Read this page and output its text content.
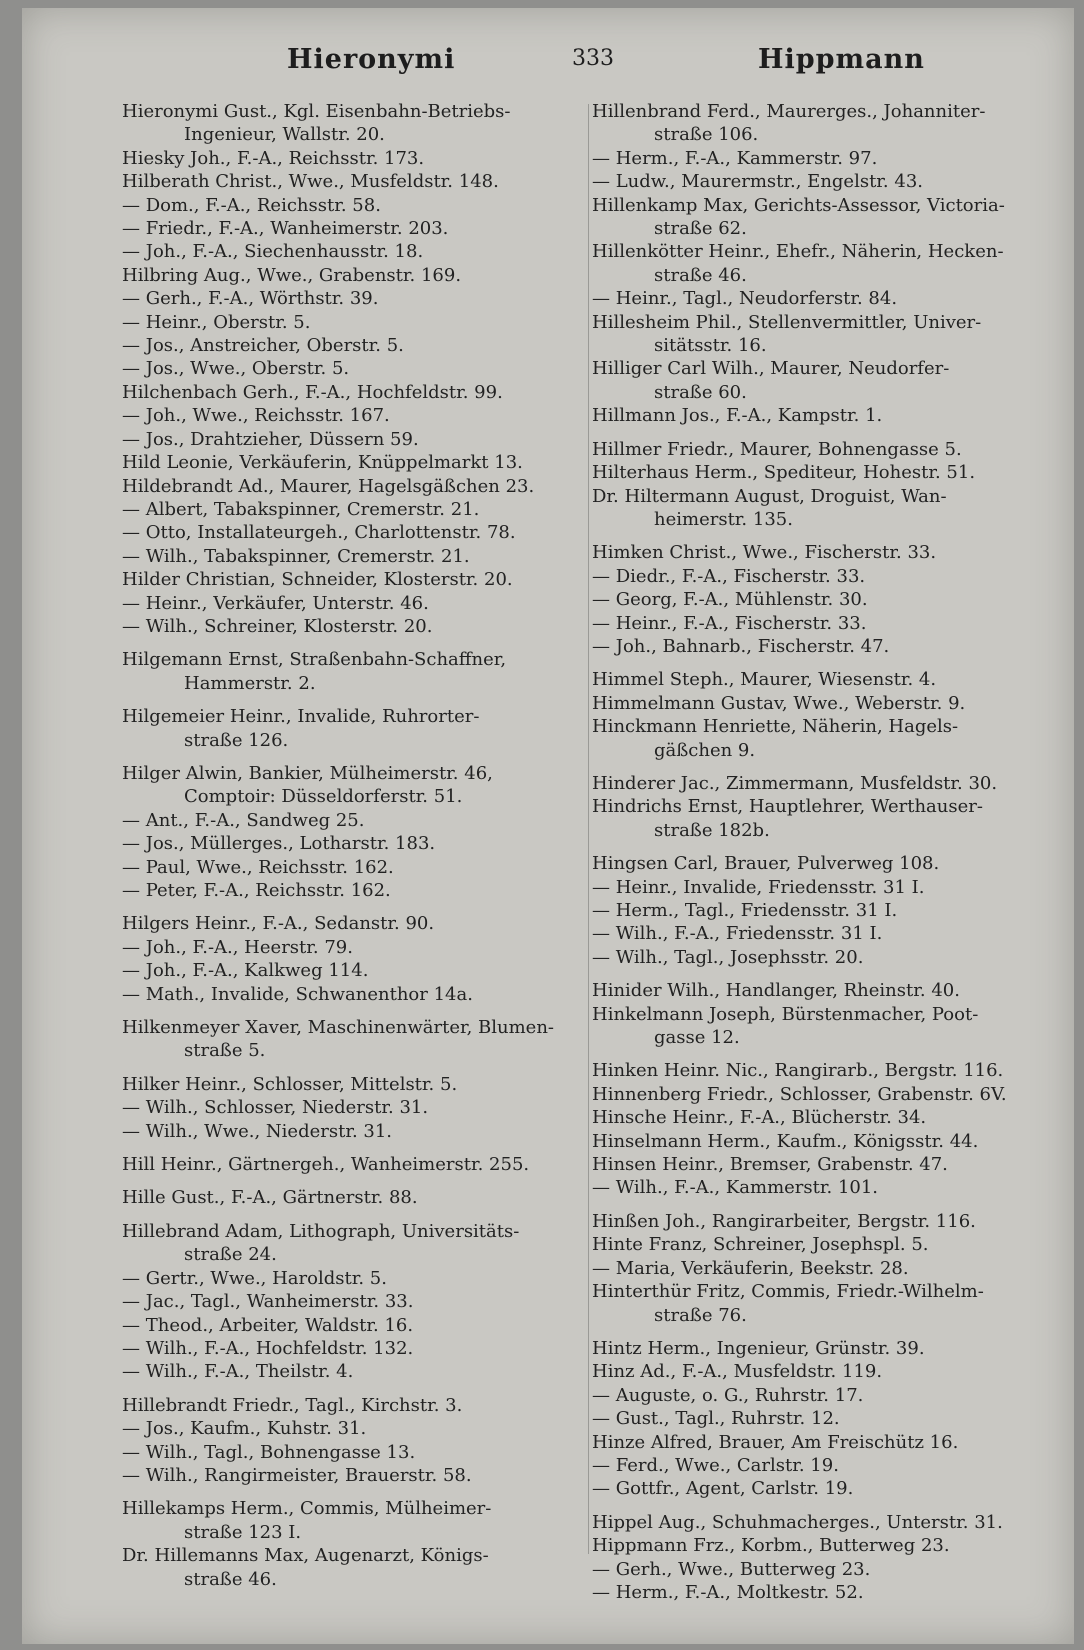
Hieronymi	333	Hippmann
Hieronymi Gust., Kgl. Eisenbahn-Betriebs-
Ingenieur, Wallstr. 20.
Hiesky Joh., F.-A., Reichsstr. 173.
Hilberath Christ., Wwe., Musfeldstr. 148.
— Dom., F.-A., Reichsstr. 58.
— Friedr., F.-A., Wanheimerstr. 203.
— Joh., F.-A., Siechenhausstr. 18.
Hilbring Aug., Wwe., Grabenstr. 169.
— Gerh., F.-A., Wörthstr. 39.
— Heinr., Oberstr. 5.
— Jos., Anstreicher, Oberstr. 5.
— Jos., Wwe., Oberstr. 5.
Hilchenbach Gerh., F.-A., Hochfeldstr. 99.
— Joh., Wwe., Reichsstr. 167.
— Jos., Drahtzieher, Düssern 59.
Hild Leonie, Verkäuferin, Knüppelmarkt 13.
Hildebrandt Ad., Maurer, Hagelsgäßchen 23.
— Albert, Tabakspinner, Cremerstr. 21.
— Otto, Installateurgeh., Charlottenstr. 78.
— Wilh., Tabakspinner, Cremerstr. 21.
Hilder Christian, Schneider, Klosterstr. 20.
— Heinr., Verkäufer, Unterstr. 46.
— Wilh., Schreiner, Klosterstr. 20.
Hilgemann Ernst, Straßenbahn-Schaffner,
Hammerstr. 2.
Hilgemeier Heinr., Invalide, Ruhrorter-
straße 126.
Hilger Alwin, Bankier, Mülheimerstr. 46,
Comptoir: Düsseldorferstr. 51.
— Ant., F.-A., Sandweg 25.
— Jos., Müllerges., Lotharstr. 183.
— Paul, Wwe., Reichsstr. 162.
— Peter, F.-A., Reichsstr. 162.
Hilgers Heinr., F.-A., Sedanstr. 90.
— Joh., F.-A., Heerstr. 79.
— Joh., F.-A., Kalkweg 114.
— Math., Invalide, Schwanenthor 14a.
Hilkenmeyer Xaver, Maschinenwärter, Blumen-
straße 5.
Hilker Heinr., Schlosser, Mittelstr. 5.
— Wilh., Schlosser, Niederstr. 31.
— Wilh., Wwe., Niederstr. 31.
Hill Heinr., Gärtnergeh., Wanheimerstr. 255.
Hille Gust., F.-A., Gärtnerstr. 88.
Hillebrand Adam, Lithograph, Universitäts-
straße 24.
— Gertr., Wwe., Haroldstr. 5.
— Jac., Tagl., Wanheimerstr. 33.
— Theod., Arbeiter, Waldstr. 16.
— Wilh., F.-A., Hochfeldstr. 132.
— Wilh., F.-A., Theilstr. 4.
Hillebrandt Friedr., Tagl., Kirchstr. 3.
— Jos., Kaufm., Kuhstr. 31.
— Wilh., Tagl., Bohnengasse 13.
— Wilh., Rangirmeister, Brauerstr. 58.
Hillekamps Herm., Commis, Mülheimer-
straße 123 I.
Dr. Hillemanns Max, Augenarzt, Königs-
straße 46.
Hillenbrand Ferd., Maurerges., Johanniter-
straße 106.
— Herm., F.-A., Kammerstr. 97.
— Ludw., Maurermstr., Engelstr. 43.
Hillenkamp Max, Gerichts-Assessor, Victoria-
straße 62.
Hillenkötter Heinr., Ehefr., Näherin, Hecken-
straße 46.
— Heinr., Tagl., Neudorferstr. 84.
Hillesheim Phil., Stellenvermittler, Univer-
sitätsstr. 16.
Hilliger Carl Wilh., Maurer, Neudorfer-
straße 60.
Hillmann Jos., F.-A., Kampstr. 1.
Hillmer Friedr., Maurer, Bohnengasse 5.
Hilterhaus Herm., Spediteur, Hohestr. 51.
Dr. Hiltermann August, Droguist, Wan-
heimerstr. 135.
Himken Christ., Wwe., Fischerstr. 33.
— Diedr., F.-A., Fischerstr. 33.
— Georg, F.-A., Mühlenstr. 30.
— Heinr., F.-A., Fischerstr. 33.
— Joh., Bahnarb., Fischerstr. 47.
Himmel Steph., Maurer, Wiesenstr. 4.
Himmelmann Gustav, Wwe., Weberstr. 9.
Hinckmann Henriette, Näherin, Hagels-
gäßchen 9.
Hinderer Jac., Zimmermann, Musfeldstr. 30.
Hindrichs Ernst, Hauptlehrer, Werthauser-
straße 182b.
Hingsen Carl, Brauer, Pulverweg 108.
— Heinr., Invalide, Friedensstr. 31 I.
— Herm., Tagl., Friedensstr. 31 I.
— Wilh., F.-A., Friedensstr. 31 I.
— Wilh., Tagl., Josephsstr. 20.
Hinider Wilh., Handlanger, Rheinstr. 40.
Hinkelmann Joseph, Bürstenmacher, Poot-
gasse 12.
Hinken Heinr. Nic., Rangirarb., Bergstr. 116.
Hinnenberg Friedr., Schlosser, Grabenstr. 6V.
Hinsche Heinr., F.-A., Blücherstr. 34.
Hinselmann Herm., Kaufm., Königsstr. 44.
Hinsen Heinr., Bremser, Grabenstr. 47.
— Wilh., F.-A., Kammerstr. 101.
Hinßen Joh., Rangirarbeiter, Bergstr. 116.
Hinte Franz, Schreiner, Josephspl. 5.
— Maria, Verkäuferin, Beekstr. 28.
Hinterthür Fritz, Commis, Friedr.-Wilhelm-
straße 76.
Hintz Herm., Ingenieur, Grünstr. 39.
Hinz Ad., F.-A., Musfeldstr. 119.
— Auguste, o. G., Ruhrstr. 17.
— Gust., Tagl., Ruhrstr. 12.
Hinze Alfred, Brauer, Am Freischütz 16.
— Ferd., Wwe., Carlstr. 19.
— Gottfr., Agent, Carlstr. 19.
Hippel Aug., Schuhmacherges., Unterstr. 31.
Hippmann Frz., Korbm., Butterweg 23.
— Gerh., Wwe., Butterweg 23.
— Herm., F.-A., Moltkestr. 52.
